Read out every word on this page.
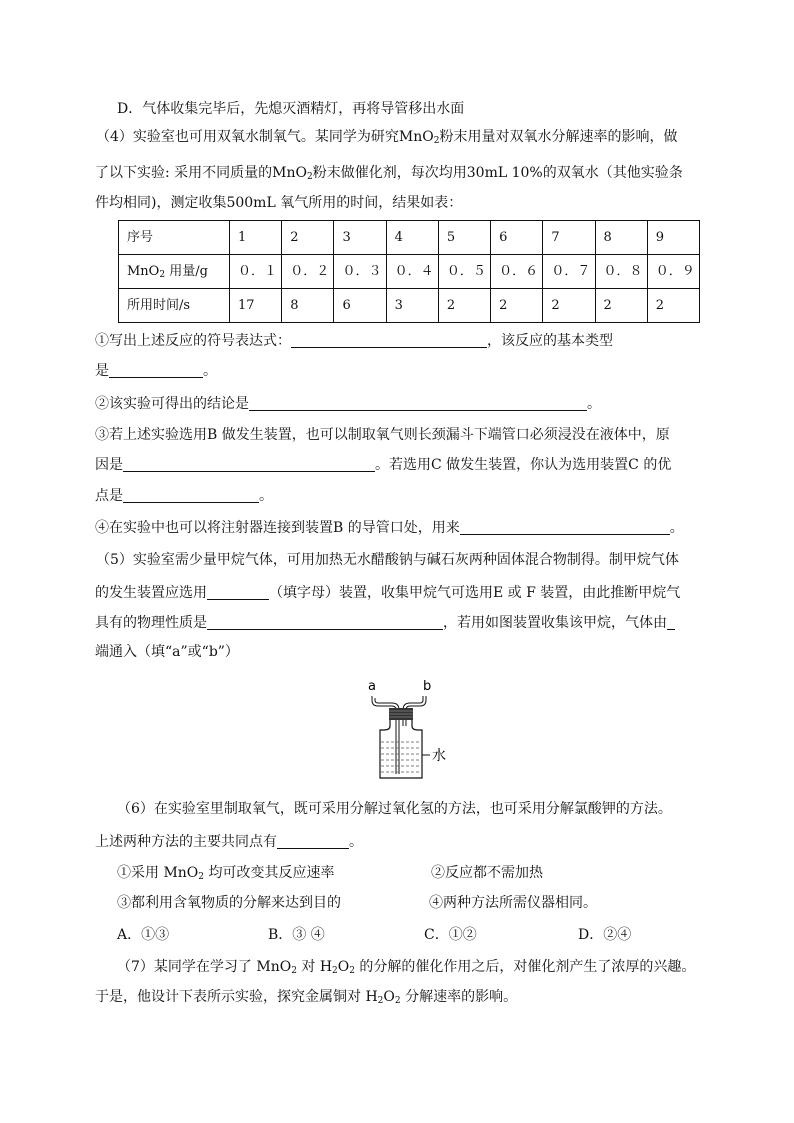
D．气体收集完毕后，先熄灭酒精灯，再将导管移出水面
（4）实验室也可用双氧水制氧气。某同学为研究MnO$_2$粉末用量对双氧水分解速率的影响，做
了以下实验: 采用不同质量的MnO$_2$粉末做催化剂，每次均用30mL 10%的双氧水（其他实验条
件均相同)，测定收集500mL 氧气所用的时间，结果如表：
序号	1	2	3	4	5	6	7	8	9
MnO$_2$ 用量/g	０．１	０．２	０．３	０．４	０．５	０．６	０．７	０．８	０．９
所用时间/s	17	8	6	3	2	2	2	2	2
①写出上述反应的符号表达式：	，该反应的基本类型
是	。
②该实验可得出的结论是	。
③若上述实验选用B 做发生装置，也可以制取氧气则长颈漏斗下端管口必须浸没在液体中，原
因是	。若选用C 做发生装置，你认为选用装置C 的优
点是	。
④在实验中也可以将注射器连接到装置B 的导管口处，用来	。
（5）实验室需少量甲烷气体，可用加热无水醋酸钠与碱石灰两种固体混合物制得。制甲烷气体
的发生装置应选用	（填字母）装置，收集甲烷气可选用E 或 F 装置，由此推断甲烷气
具有的物理性质是	，若用如图装置收集该甲烷，气体由
端通入（填“a”或“b”）
a	b
水
（6）在实验室里制取氧气，既可采用分解过氧化氢的方法，也可采用分解氯酸钾的方法。
上述两种方法的主要共同点有	。
①采用 MnO$_2$ 均可改变其反应速率	②反应都不需加热
③都利用含氧物质的分解来达到目的	④两种方法所需仪器相同。
A．①③	B．③ ④	C．①②	D．②④
（7）某同学在学习了 MnO$_2$ 对 $H_2O_2$ 的分解的催化作用之后，对催化剂产生了浓厚的兴趣。
于是，他设计下表所示实验，探究金属铜对 $H_2O_2$ 分解速率的影响。
